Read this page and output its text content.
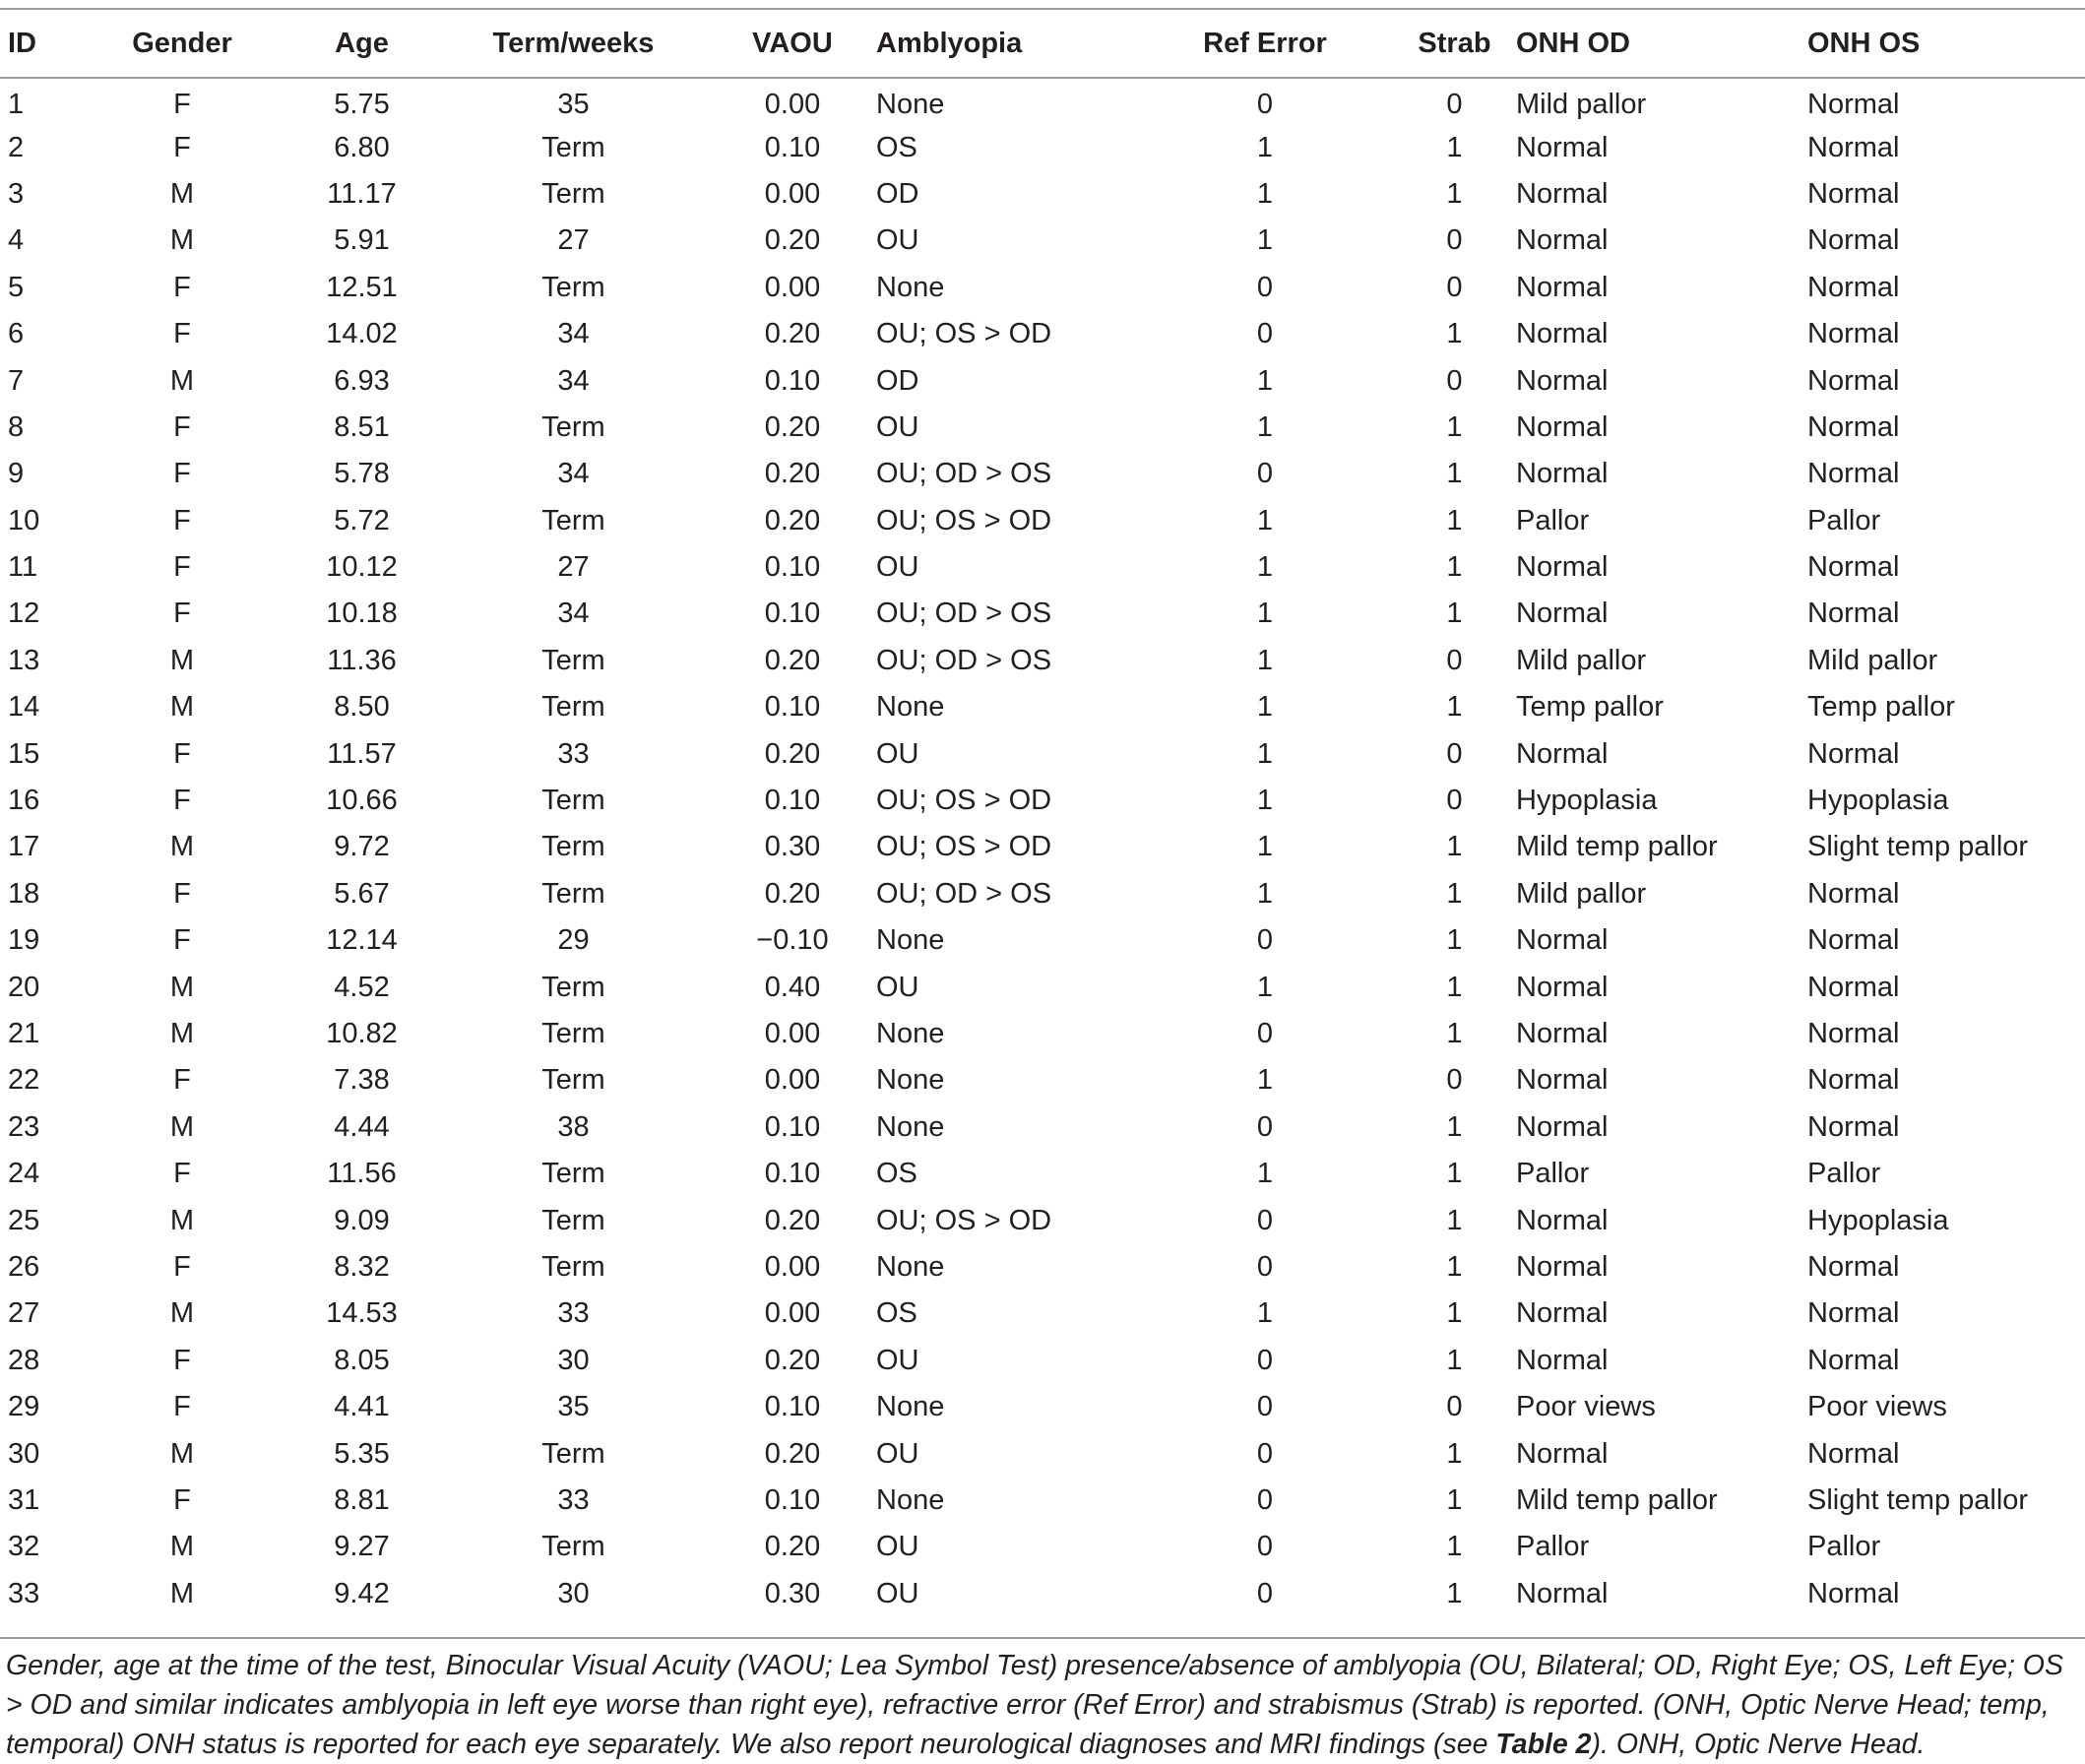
ID	Gender	Age	Term/weeks	VAOU	Amblyopia	Ref Error	Strab	ONH OD	ONH OS
1	F	5.75	35	0.00	None	0	0	Mild pallor	Normal
2	F	6.80	Term	0.10	OS	1	1	Normal	Normal
3	M	11.17	Term	0.00	OD	1	1	Normal	Normal
4	M	5.91	27	0.20	OU	1	0	Normal	Normal
5	F	12.51	Term	0.00	None	0	0	Normal	Normal
6	F	14.02	34	0.20	OU; OS > OD	0	1	Normal	Normal
7	M	6.93	34	0.10	OD	1	0	Normal	Normal
8	F	8.51	Term	0.20	OU	1	1	Normal	Normal
9	F	5.78	34	0.20	OU; OD > OS	0	1	Normal	Normal
10	F	5.72	Term	0.20	OU; OS > OD	1	1	Pallor	Pallor
11	F	10.12	27	0.10	OU	1	1	Normal	Normal
12	F	10.18	34	0.10	OU; OD > OS	1	1	Normal	Normal
13	M	11.36	Term	0.20	OU; OD > OS	1	0	Mild pallor	Mild pallor
14	M	8.50	Term	0.10	None	1	1	Temp pallor	Temp pallor
15	F	11.57	33	0.20	OU	1	0	Normal	Normal
16	F	10.66	Term	0.10	OU; OS > OD	1	0	Hypoplasia	Hypoplasia
17	M	9.72	Term	0.30	OU; OS > OD	1	1	Mild temp pallor	Slight temp pallor
18	F	5.67	Term	0.20	OU; OD > OS	1	1	Mild pallor	Normal
19	F	12.14	29	−0.10	None	0	1	Normal	Normal
20	M	4.52	Term	0.40	OU	1	1	Normal	Normal
21	M	10.82	Term	0.00	None	0	1	Normal	Normal
22	F	7.38	Term	0.00	None	1	0	Normal	Normal
23	M	4.44	38	0.10	None	0	1	Normal	Normal
24	F	11.56	Term	0.10	OS	1	1	Pallor	Pallor
25	M	9.09	Term	0.20	OU; OS > OD	0	1	Normal	Hypoplasia
26	F	8.32	Term	0.00	None	0	1	Normal	Normal
27	M	14.53	33	0.00	OS	1	1	Normal	Normal
28	F	8.05	30	0.20	OU	0	1	Normal	Normal
29	F	4.41	35	0.10	None	0	0	Poor views	Poor views
30	M	5.35	Term	0.20	OU	0	1	Normal	Normal
31	F	8.81	33	0.10	None	0	1	Mild temp pallor	Slight temp pallor
32	M	9.27	Term	0.20	OU	0	1	Pallor	Pallor
33	M	9.42	30	0.30	OU	0	1	Normal	Normal
Gender, age at the time of the test, Binocular Visual Acuity (VAOU; Lea Symbol Test) presence/absence of amblyopia (OU, Bilateral; OD, Right Eye; OS, Left Eye; OS > OD and similar indicates amblyopia in left eye worse than right eye), refractive error (Ref Error) and strabismus (Strab) is reported. (ONH, Optic Nerve Head; temp, temporal) ONH status is reported for each eye separately. We also report neurological diagnoses and MRI findings (see Table 2). ONH, Optic Nerve Head.
